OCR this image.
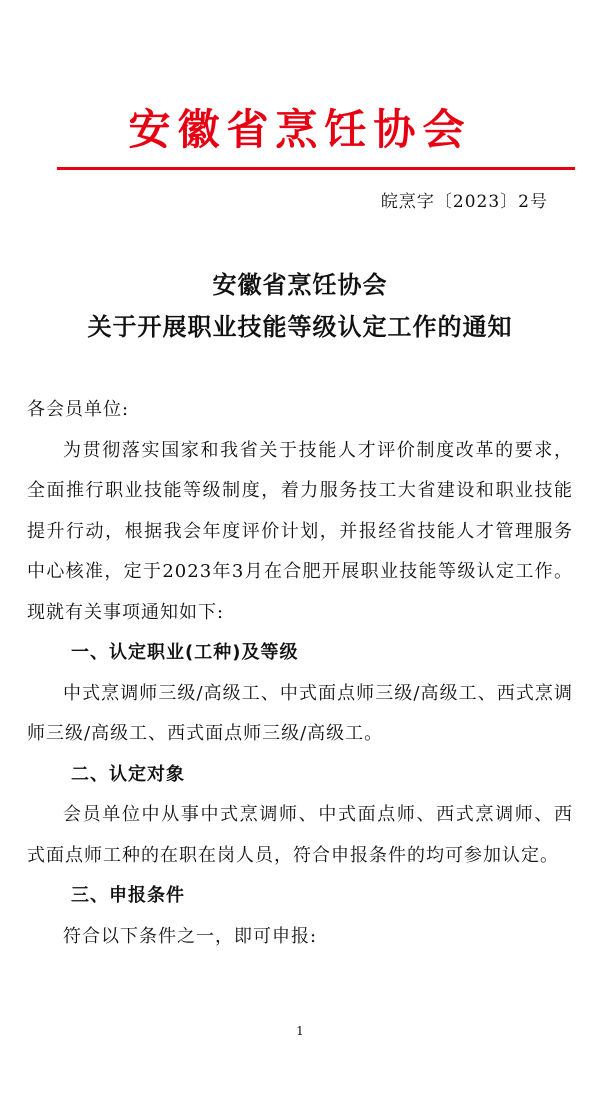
安徽省烹饪协会
皖烹字〔2023〕2号
安徽省烹饪协会
关于开展职业技能等级认定工作的通知

各会员单位:

为贯彻落实国家和我省关于技能人才评价制度改革的要求，全面推行职业技能等级制度，着力服务技工大省建设和职业技能提升行动，根据我会年度评价计划，并报经省技能人才管理服务中心核准，定于2023年3月在合肥开展职业技能等级认定工作。现就有关事项通知如下:

一、认定职业(工种)及等级

中式烹调师三级/高级工、中式面点师三级/高级工、西式烹调师三级/高级工、西式面点师三级/高级工。

二、认定对象

会员单位中从事中式烹调师、中式面点师、西式烹调师、西式面点师工种的在职在岗人员，符合申报条件的均可参加认定。

三、申报条件

符合以下条件之一，即可申报:

1
